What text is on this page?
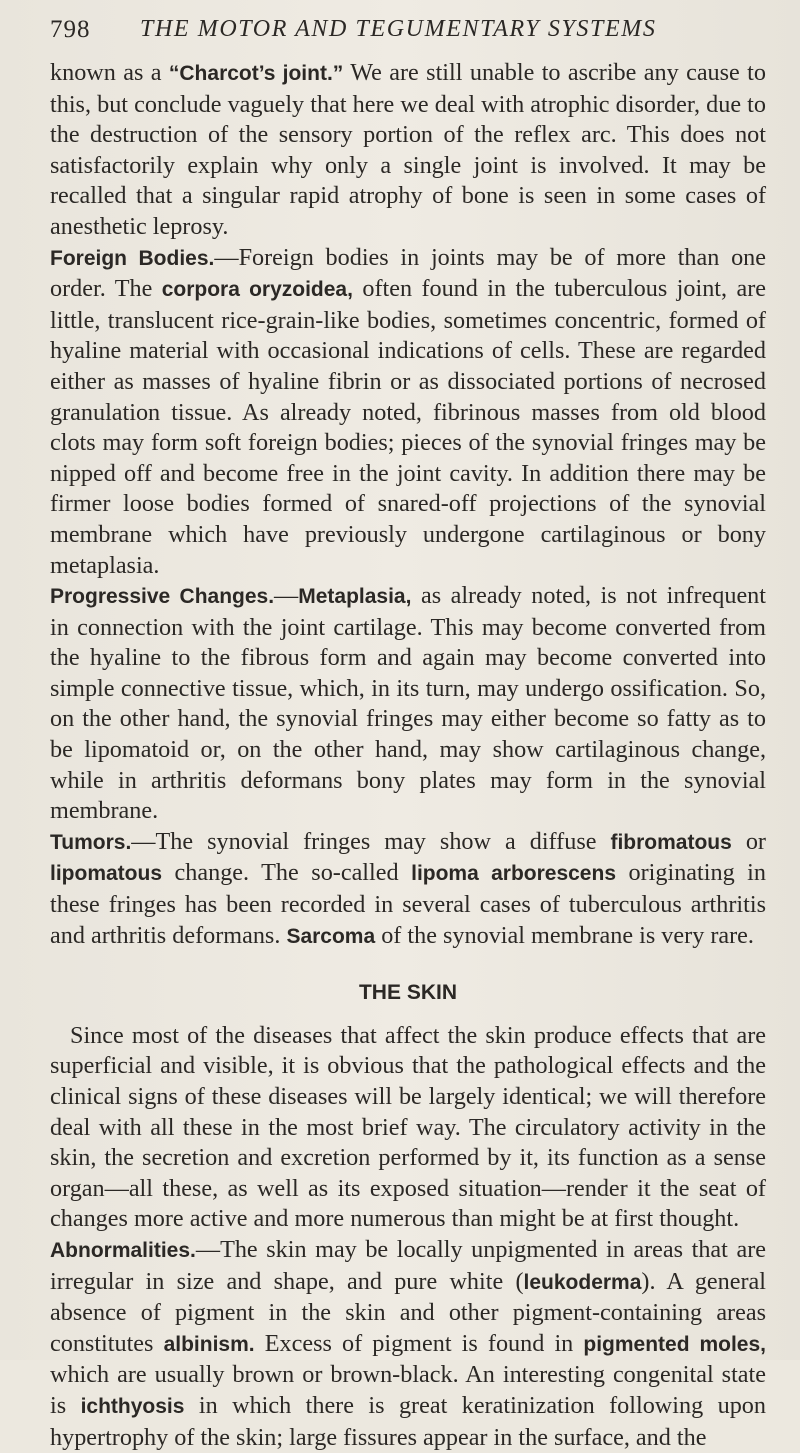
798 THE MOTOR AND TEGUMENTARY SYSTEMS

known as a “Charcot’s joint.” We are still unable to ascribe any cause to this, but conclude vaguely that here we deal with atrophic disorder, due to the destruction of the sensory portion of the reflex arc. This does not satisfactorily explain why only a single joint is involved. It may be recalled that a singular rapid atrophy of bone is seen in some cases of anesthetic leprosy.

Foreign Bodies.—Foreign bodies in joints may be of more than one order. The corpora oryzoidea, often found in the tuberculous joint, are little, translucent rice-grain-like bodies, sometimes concentric, formed of hyaline material with occasional indications of cells. These are regarded either as masses of hyaline fibrin or as dissociated portions of necrosed granulation tissue. As already noted, fibrinous masses from old blood clots may form soft foreign bodies; pieces of the synovial fringes may be nipped off and become free in the joint cavity. In addition there may be firmer loose bodies formed of snared-off projections of the synovial membrane which have previously undergone cartilaginous or bony metaplasia.

Progressive Changes.—Metaplasia, as already noted, is not infrequent in connection with the joint cartilage. This may become converted from the hyaline to the fibrous form and again may become converted into simple connective tissue, which, in its turn, may undergo ossification. So, on the other hand, the synovial fringes may either become so fatty as to be lipomatoid or, on the other hand, may show cartilaginous change, while in arthritis deformans bony plates may form in the synovial membrane.

Tumors.—The synovial fringes may show a diffuse fibromatous or lipomatous change. The so-called lipoma arborescens originating in these fringes has been recorded in several cases of tuberculous arthritis and arthritis deformans. Sarcoma of the synovial membrane is very rare.

THE SKIN

Since most of the diseases that affect the skin produce effects that are superficial and visible, it is obvious that the pathological effects and the clinical signs of these diseases will be largely identical; we will therefore deal with all these in the most brief way. The circulatory activity in the skin, the secretion and excretion performed by it, its function as a sense organ—all these, as well as its exposed situation—render it the seat of changes more active and more numerous than might be at first thought.

Abnormalities.—The skin may be locally unpigmented in areas that are irregular in size and shape, and pure white (leukoderma). A general absence of pigment in the skin and other pigment-containing areas constitutes albinism. Excess of pigment is found in pigmented moles, which are usually brown or brown-black. An interesting congenital state is ichthyosis in which there is great keratinization following upon hypertrophy of the skin; large fissures appear in the surface, and the
